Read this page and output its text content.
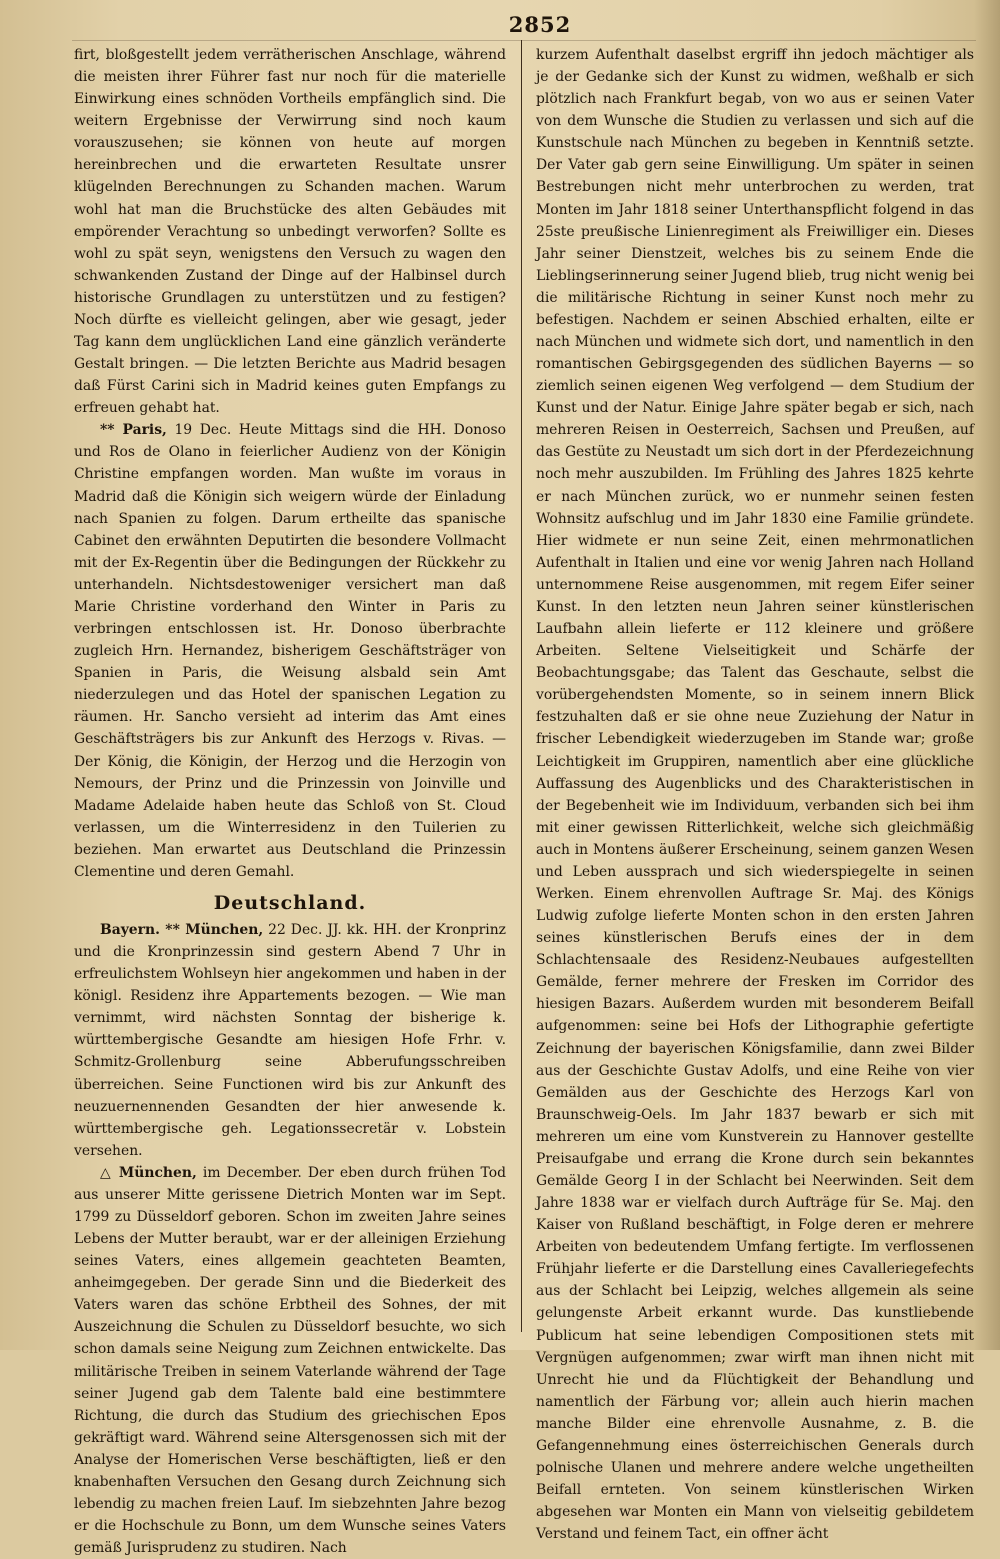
2852

firt, bloßgestellt jedem verrätherischen Anschlage, während die meisten ihrer Führer fast nur noch für die materielle Einwirkung eines schnöden Vortheils empfänglich sind. Die weitern Ergebnisse der Verwirrung sind noch kaum vorauszusehen; sie können von heute auf morgen hereinbrechen und die erwarteten Resultate unsrer klügelnden Berechnungen zu Schanden machen. Warum wohl hat man die Bruchstücke des alten Gebäudes mit empörender Verachtung so unbedingt verworfen? Sollte es wohl zu spät seyn, wenigstens den Versuch zu wagen den schwankenden Zustand der Dinge auf der Halbinsel durch historische Grundlagen zu unterstützen und zu festigen? Noch dürfte es vielleicht gelingen, aber wie gesagt, jeder Tag kann dem unglücklichen Land eine gänzlich veränderte Gestalt bringen. — Die letzten Berichte aus Madrid besagen daß Fürst Carini sich in Madrid keines guten Empfangs zu erfreuen gehabt hat.

** Paris, 19 Dec. Heute Mittags sind die HH. Donoso und Ros de Olano in feierlicher Audienz von der Königin Christine empfangen worden. Man wußte im voraus in Madrid daß die Königin sich weigern würde der Einladung nach Spanien zu folgen. Darum ertheilte das spanische Cabinet den erwähnten Deputirten die besondere Vollmacht mit der Ex-Regentin über die Bedingungen der Rückkehr zu unterhandeln. Nichtsdestoweniger versichert man daß Marie Christine vorderhand den Winter in Paris zu verbringen entschlossen ist. Hr. Donoso überbrachte zugleich Hrn. Hernandez, bisherigem Geschäftsträger von Spanien in Paris, die Weisung alsbald sein Amt niederzulegen und das Hotel der spanischen Legation zu räumen. Hr. Sancho versieht ad interim das Amt eines Geschäftsträgers bis zur Ankunft des Herzogs v. Rivas. — Der König, die Königin, der Herzog und die Herzogin von Nemours, der Prinz und die Prinzessin von Joinville und Madame Adelaide haben heute das Schloß von St. Cloud verlassen, um die Winterresidenz in den Tuilerien zu beziehen. Man erwartet aus Deutschland die Prinzessin Clementine und deren Gemahl.

Deutschland.

Bayern. ** München, 22 Dec. JJ. kk. HH. der Kronprinz und die Kronprinzessin sind gestern Abend 7 Uhr in erfreulichstem Wohlseyn hier angekommen und haben in der königl. Residenz ihre Appartements bezogen. — Wie man vernimmt, wird nächsten Sonntag der bisherige k. württembergische Gesandte am hiesigen Hofe Frhr. v. Schmitz-Grollenburg seine Abberufungsschreiben überreichen. Seine Functionen wird bis zur Ankunft des neuzuernennenden Gesandten der hier anwesende k. württembergische geh. Legationssecretär v. Lobstein versehen.

△ München, im December. Der eben durch frühen Tod aus unserer Mitte gerissene Dietrich Monten war im Sept. 1799 zu Düsseldorf geboren. Schon im zweiten Jahre seines Lebens der Mutter beraubt, war er der alleinigen Erziehung seines Vaters, eines allgemein geachteten Beamten, anheimgegeben. Der gerade Sinn und die Biederkeit des Vaters waren das schöne Erbtheil des Sohnes, der mit Auszeichnung die Schulen zu Düsseldorf besuchte, wo sich schon damals seine Neigung zum Zeichnen entwickelte. Das militärische Treiben in seinem Vaterlande während der Tage seiner Jugend gab dem Talente bald eine bestimmtere Richtung, die durch das Studium des griechischen Epos gekräftigt ward. Während seine Altersgenossen sich mit der Analyse der Homerischen Verse beschäftigten, ließ er den knabenhaften Versuchen den Gesang durch Zeichnung sich lebendig zu machen freien Lauf. Im siebzehnten Jahre bezog er die Hochschule zu Bonn, um dem Wunsche seines Vaters gemäß Jurisprudenz zu studiren. Nach

kurzem Aufenthalt daselbst ergriff ihn jedoch mächtiger als je der Gedanke sich der Kunst zu widmen, weßhalb er sich plötzlich nach Frankfurt begab, von wo aus er seinen Vater von dem Wunsche die Studien zu verlassen und sich auf die Kunstschule nach München zu begeben in Kenntniß setzte. Der Vater gab gern seine Einwilligung. Um später in seinen Bestrebungen nicht mehr unterbrochen zu werden, trat Monten im Jahr 1818 seiner Unterthanspflicht folgend in das 25ste preußische Linienregiment als Freiwilliger ein. Dieses Jahr seiner Dienstzeit, welches bis zu seinem Ende die Lieblingserinnerung seiner Jugend blieb, trug nicht wenig bei die militärische Richtung in seiner Kunst noch mehr zu befestigen. Nachdem er seinen Abschied erhalten, eilte er nach München und widmete sich dort, und namentlich in den romantischen Gebirgsgegenden des südlichen Bayerns — so ziemlich seinen eigenen Weg verfolgend — dem Studium der Kunst und der Natur. Einige Jahre später begab er sich, nach mehreren Reisen in Oesterreich, Sachsen und Preußen, auf das Gestüte zu Neustadt um sich dort in der Pferdezeichnung noch mehr auszubilden. Im Frühling des Jahres 1825 kehrte er nach München zurück, wo er nunmehr seinen festen Wohnsitz aufschlug und im Jahr 1830 eine Familie gründete. Hier widmete er nun seine Zeit, einen mehrmonatlichen Aufenthalt in Italien und eine vor wenig Jahren nach Holland unternommene Reise ausgenommen, mit regem Eifer seiner Kunst. In den letzten neun Jahren seiner künstlerischen Laufbahn allein lieferte er 112 kleinere und größere Arbeiten. Seltene Vielseitigkeit und Schärfe der Beobachtungsgabe; das Talent das Geschaute, selbst die vorübergehendsten Momente, so in seinem innern Blick festzuhalten daß er sie ohne neue Zuziehung der Natur in frischer Lebendigkeit wiederzugeben im Stande war; große Leichtigkeit im Gruppiren, namentlich aber eine glückliche Auffassung des Augenblicks und des Charakteristischen in der Begebenheit wie im Individuum, verbanden sich bei ihm mit einer gewissen Ritterlichkeit, welche sich gleichmäßig auch in Montens äußerer Erscheinung, seinem ganzen Wesen und Leben aussprach und sich wiederspiegelte in seinen Werken. Einem ehrenvollen Auftrage Sr. Maj. des Königs Ludwig zufolge lieferte Monten schon in den ersten Jahren seines künstlerischen Berufs eines der in dem Schlachtensaale des Residenz-Neubaues aufgestellten Gemälde, ferner mehrere der Fresken im Corridor des hiesigen Bazars. Außerdem wurden mit besonderem Beifall aufgenommen: seine bei Hofs der Lithographie gefertigte Zeichnung der bayerischen Königsfamilie, dann zwei Bilder aus der Geschichte Gustav Adolfs, und eine Reihe von vier Gemälden aus der Geschichte des Herzogs Karl von Braunschweig-Oels. Im Jahr 1837 bewarb er sich mit mehreren um eine vom Kunstverein zu Hannover gestellte Preisaufgabe und errang die Krone durch sein bekanntes Gemälde Georg I in der Schlacht bei Neerwinden. Seit dem Jahre 1838 war er vielfach durch Aufträge für Se. Maj. den Kaiser von Rußland beschäftigt, in Folge deren er mehrere Arbeiten von bedeutendem Umfang fertigte. Im verflossenen Frühjahr lieferte er die Darstellung eines Cavalleriegefechts aus der Schlacht bei Leipzig, welches allgemein als seine gelungenste Arbeit erkannt wurde. Das kunstliebende Publicum hat seine lebendigen Compositionen stets mit Vergnügen aufgenommen; zwar wirft man ihnen nicht mit Unrecht hie und da Flüchtigkeit der Behandlung und namentlich der Färbung vor; allein auch hierin machen manche Bilder eine ehrenvolle Ausnahme, z. B. die Gefangennehmung eines österreichischen Generals durch polnische Ulanen und mehrere andere welche ungetheilten Beifall ernteten. Von seinem künstlerischen Wirken abgesehen war Monten ein Mann von vielseitig gebildetem Verstand und feinem Tact, ein offner ächt
